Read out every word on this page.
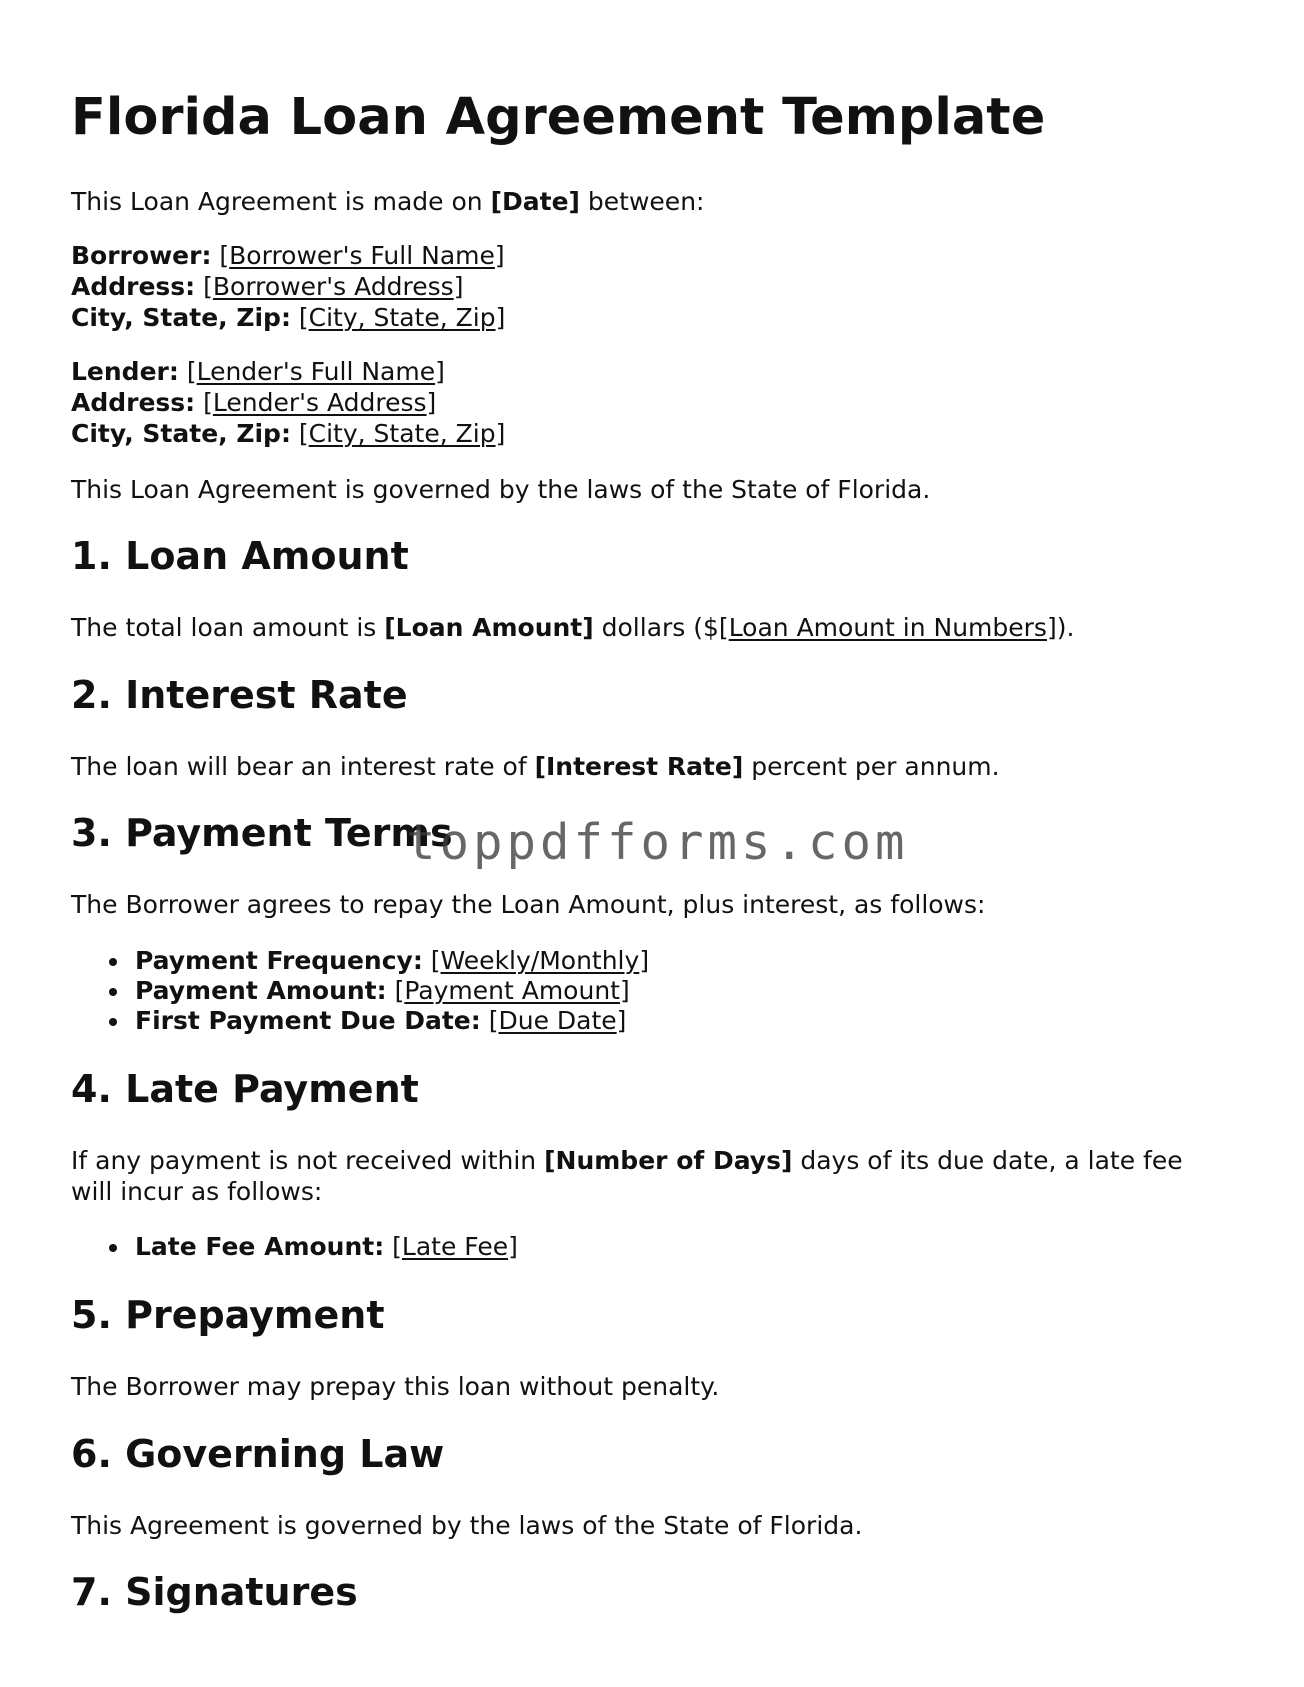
Florida Loan Agreement Template

This Loan Agreement is made on [Date] between:

Borrower: [Borrower's Full Name]
Address: [Borrower's Address]
City, State, Zip: [City, State, Zip]
Lender: [Lender's Full Name]
Address: [Lender's Address]
City, State, Zip: [City, State, Zip]

This Loan Agreement is governed by the laws of the State of Florida.

1. Loan Amount

The total loan amount is [Loan Amount] dollars ($[Loan Amount in Numbers]).

2. Interest Rate

The loan will bear an interest rate of [Interest Rate] percent per annum.

3. Payment Terms

The Borrower agrees to repay the Loan Amount, plus interest, as follows:

Payment Frequency: [Weekly/Monthly]
Payment Amount: [Payment Amount]
First Payment Due Date: [Due Date]
4. Late Payment

If any payment is not received within [Number of Days] days of its due date, a late fee will incur as follows:

Late Fee Amount: [Late Fee]
5. Prepayment

The Borrower may prepay this loan without penalty.

6. Governing Law

This Agreement is governed by the laws of the State of Florida.

7. Signatures
toppdfforms.com
